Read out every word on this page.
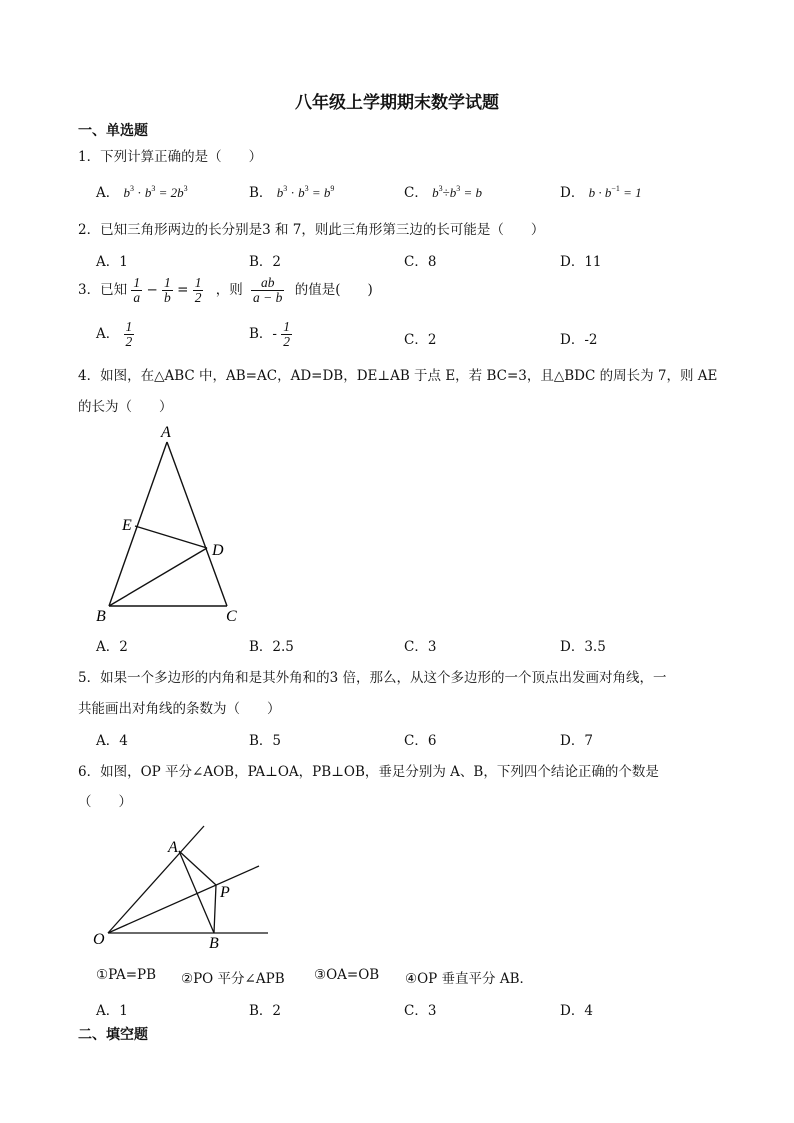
八年级上学期期末数学试题
一、单选题
1．下列计算正确的是（　　）
A． $b^3 \cdot b^3 = 2b^3$	B． $b^3 \cdot b^3 = b^9$	C． $b^3\div b^3 = b$	D． $b \cdot b^{-1} = 1$
2．已知三角形两边的长分别是3 和 7，则此三角形第三边的长可能是（　　）
A．1	B．2	C．8	D．11
3．已知 $\frac{1}{a} - \frac{1}{b} = \frac{1}{2}$ ，则 $\frac{ab}{a - b}$ 的值是(　　)
A． $\frac{1}{2}$	B．- $\frac{1}{2}$	C．2	D．-2
4．如图，在△ABC 中，AB=AC，AD=DB，DE⊥AB 于点 E，若 BC=3，且△BDC 的周长为 7，则 AE
的长为（　　）
A
E
D
B	C
A．2	B．2.5	C．3	D．3.5
5．如果一个多边形的内角和是其外角和的3 倍，那么，从这个多边形的一个顶点出发画对角线，一
共能画出对角线的条数为（　　）
A．4	B．5	C．6	D．7
6．如图，OP 平分∠AOB，PA⊥OA，PB⊥OB，垂足分别为 A、B，下列四个结论正确的个数是
（　　）
A
P
O	B
①PA=PB ②PO 平分∠APB ③OA=OB ④OP 垂直平分 AB．
A．1	B．2	C．3	D．4
二、填空题
